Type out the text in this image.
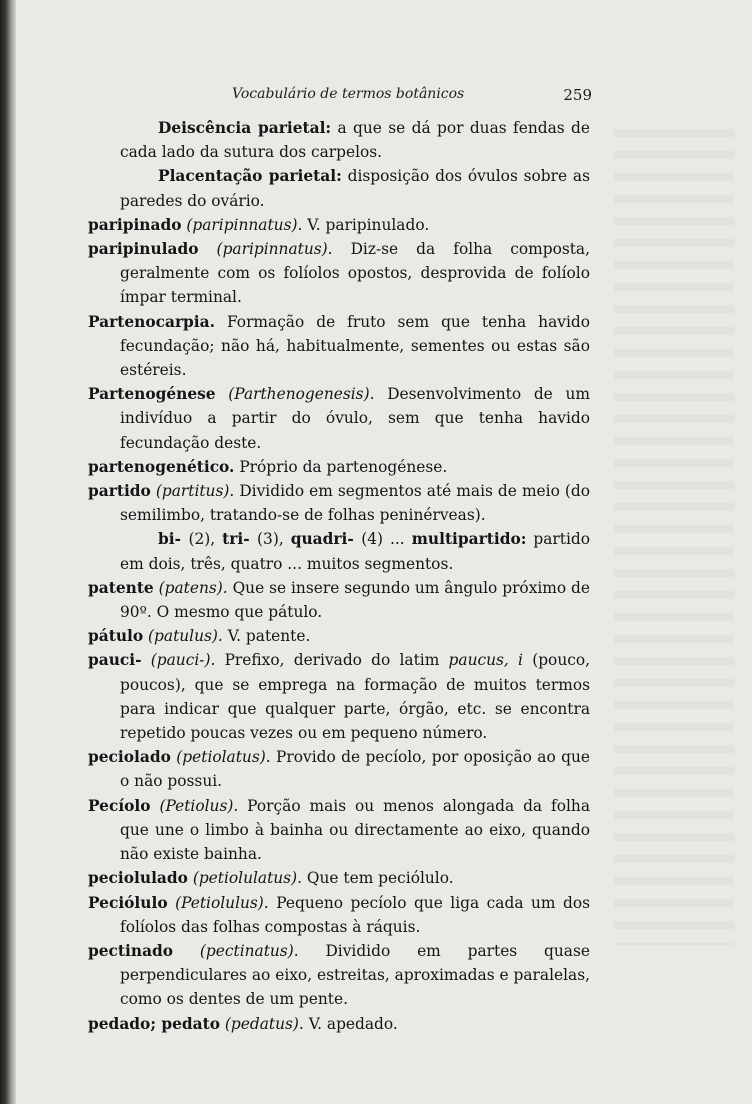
Vocabulário de termos botânicos	259

Deiscência parietal: a que se dá por duas fendas de cada lado da sutura dos carpelos.

Placentação parietal: disposição dos óvulos sobre as paredes do ovário.

paripinado (paripinnatus). V. paripinulado.

paripinulado (paripinnatus). Diz-se da folha composta, geralmente com os folíolos opostos, desprovida de folíolo ímpar terminal.

Partenocarpia. Formação de fruto sem que tenha havido fecundação; não há, habitualmente, sementes ou estas são estéreis.

Partenogénese (Parthenogenesis). Desenvolvimento de um indivíduo a partir do óvulo, sem que tenha havido fecundação deste.

partenogenético. Próprio da partenogénese.

partido (partitus). Dividido em segmentos até mais de meio (do semilimbo, tratando-se de folhas peninérveas).

bi- (2), tri- (3), quadri- (4) ... multipartido: partido em dois, três, quatro ... muitos segmentos.

patente (patens). Que se insere segundo um ângulo próximo de 90º. O mesmo que pátulo.

pátulo (patulus). V. patente.

pauci- (pauci-). Prefixo, derivado do latim paucus, i (pouco, poucos), que se emprega na formação de muitos termos para indicar que qualquer parte, órgão, etc. se encontra repetido poucas vezes ou em pequeno número.

peciolado (petiolatus). Provido de pecíolo, por oposição ao que o não possui.

Pecíolo (Petiolus). Porção mais ou menos alongada da folha que une o limbo à bainha ou directamente ao eixo, quando não existe bainha.

peciolulado (petiolulatus). Que tem peciólulo.

Peciólulo (Petiolulus). Pequeno pecíolo que liga cada um dos folíolos das folhas compostas à ráquis.

pectinado (pectinatus). Dividido em partes quase perpendiculares ao eixo, estreitas, aproximadas e paralelas, como os dentes de um pente.

pedado; pedato (pedatus). V. apedado.
